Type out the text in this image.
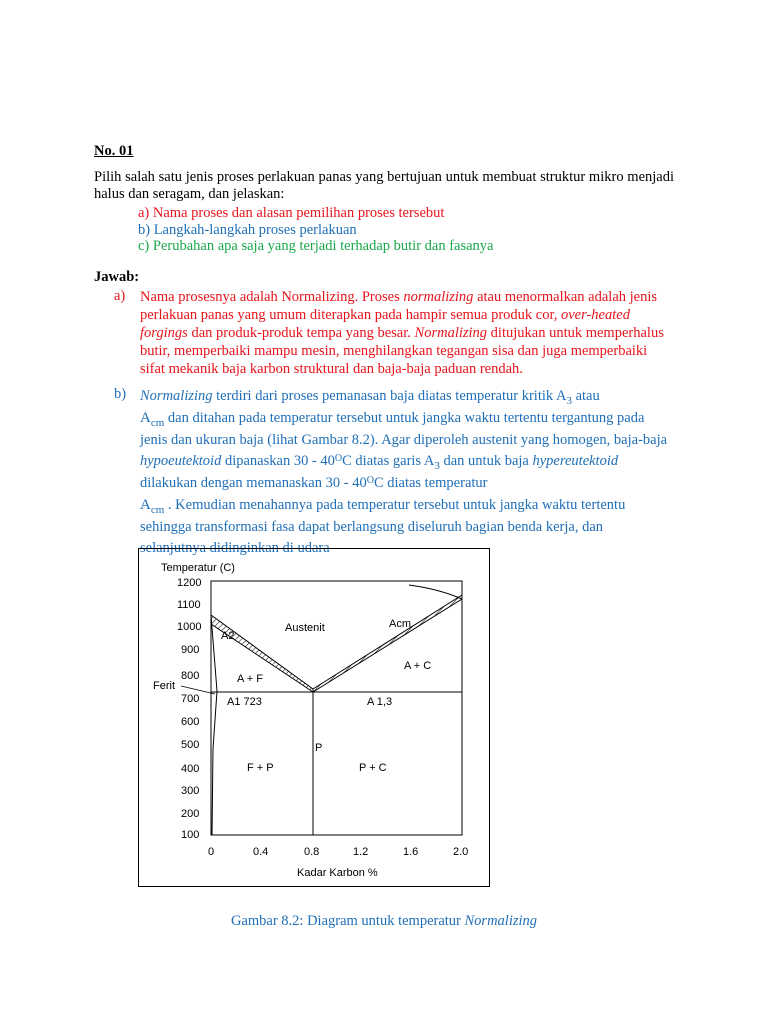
No. 01
Pilih salah satu jenis proses perlakuan panas yang bertujuan untuk membuat struktur mikro menjadi halus dan seragam, dan jelaskan:
a) Nama proses dan alasan pemilihan proses tersebut
b) Langkah-langkah proses perlakuan
c) Perubahan apa saja yang terjadi terhadap butir dan fasanya
Jawab:
a) Nama prosesnya adalah Normalizing. Proses normalizing atau menormalkan adalah jenis perlakuan panas yang umum diterapkan pada hampir semua produk cor, over-heated forgings dan produk-produk tempa yang besar. Normalizing ditujukan untuk memperhalus butir, memperbaiki mampu mesin, menghilangkan tegangan sisa dan juga memperbaiki sifat mekanik baja karbon struktural dan baja-baja paduan rendah.
b) Normalizing terdiri dari proses pemanasan baja diatas temperatur kritik $A_3$ atau
$A_{cm}$ dan ditahan pada temperatur tersebut untuk jangka waktu tertentu tergantung pada jenis dan ukuran baja (lihat Gambar 8.2). Agar diperoleh austenit yang homogen, baja-baja hypoeutektoid dipanaskan $30 - 40^OC$ diatas garis $A_3$ dan untuk baja hypereutektoid dilakukan dengan memanaskan $30 - 40^OC$ diatas temperatur
$A_{cm}$ . Kemudian menahannya pada temperatur tersebut untuk jangka waktu tertentu sehingga transformasi fasa dapat berlangsung diseluruh bagian benda kerja, dan selanjutnya didinginkan di udara
Temperatur (C)
Kadar Karbon %
1200
1100
1000
900
800
700
600
500
400
300
200
100
0	0.4	0.8	1.2	1.6	2.0
Austenit	Acm
A2
A + F
A + C
Ferit
A1 723	A 1,3
P
F + P	P + C
Gambar 8.2: Diagram untuk temperatur Normalizing
